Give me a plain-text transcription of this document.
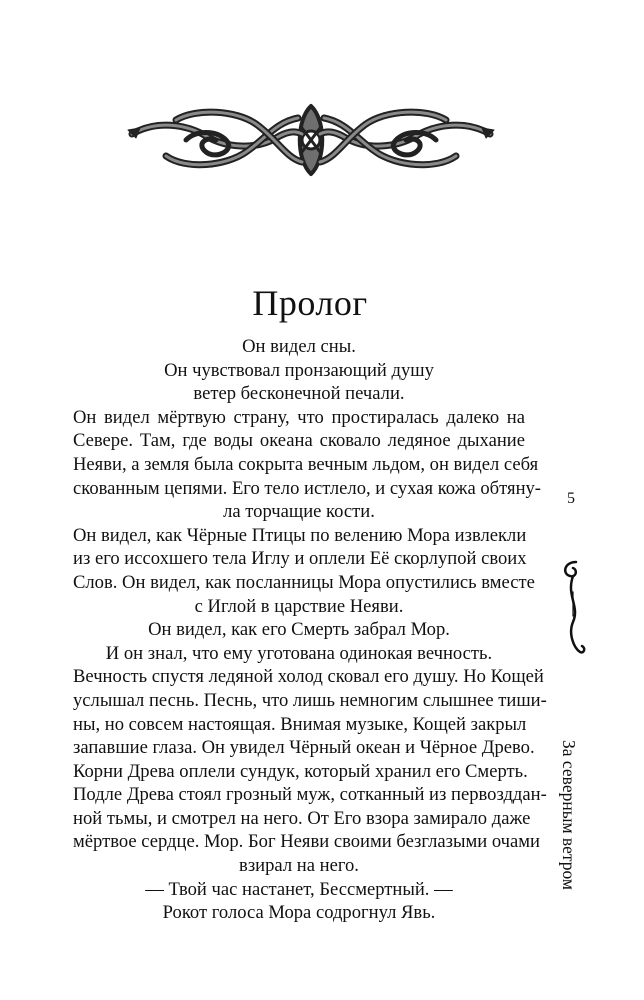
Пролог
Он видел сны.
Он чувствовал пронзающий душу
ветер бесконечной печали.
Он видел мёртвую страну, что простиралась далеко на
Севере. Там, где воды океана сковало ледяное дыхание
Неяви, а земля была сокрыта вечным льдом, он видел себя
скованным цепями. Его тело истлело, и сухая кожа обтяну-
ла торчащие кости.
Он видел, как Чёрные Птицы по велению Мора извлекли
из его иссохшего тела Иглу и оплели Её скорлупой своих
Слов. Он видел, как посланницы Мора опустились вместе
с Иглой в царствие Неяви.
Он видел, как его Смерть забрал Мор.
И он знал, что ему уготована одинокая вечность.
Вечность спустя ледяной холод сковал его душу. Но Кощей
услышал песнь. Песнь, что лишь немногим слышнее тиши-
ны, но совсем настоящая. Внимая музыке, Кощей закрыл
запавшие глаза. Он увидел Чёрный океан и Чёрное Древо.
Корни Древа оплели сундук, который хранил его Смерть.
Подле Древа стоял грозный муж, сотканный из первозддан-
ной тьмы, и смотрел на него. От Его взора замирало даже
мёртвое сердце. Мор. Бог Неяви своими безглазыми очами
взирал на него.
— Твой час настанет, Бессмертный. —
Рокот голоса Мора содрогнул Явь.
5
За северным ветром
